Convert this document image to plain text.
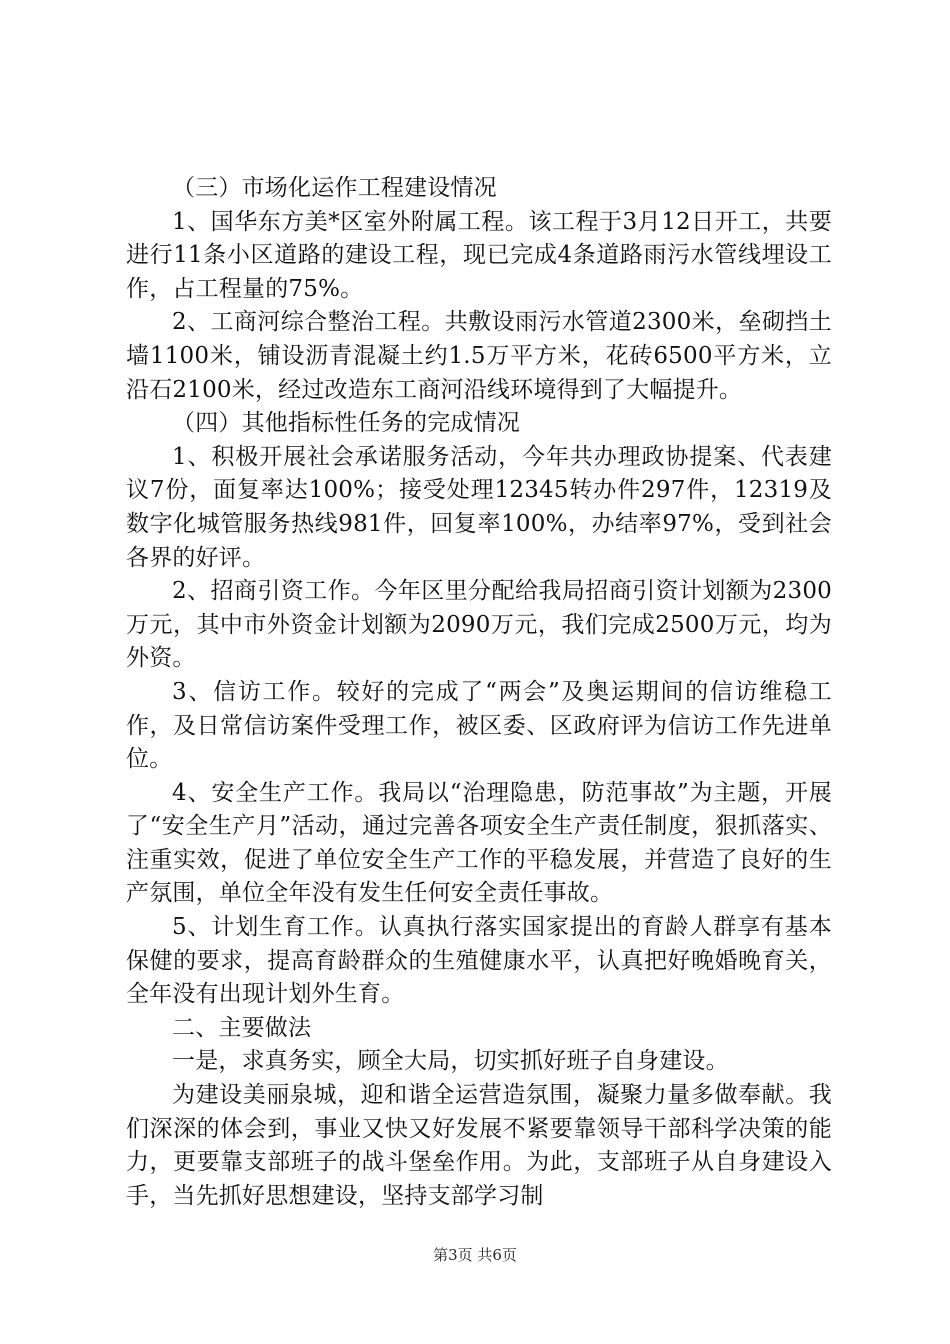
（三）市场化运作工程建设情况

1、国华东方美*区室外附属工程。该工程于3月12日开工，共要进行11条小区道路的建设工程，现已完成4条道路雨污水管线埋设工作，占工程量的75%。

2、工商河综合整治工程。共敷设雨污水管道2300米，垒砌挡土墙1100米，铺设沥青混凝土约1.5万平方米，花砖6500平方米，立沿石2100米，经过改造东工商河沿线环境得到了大幅提升。

（四）其他指标性任务的完成情况

1、积极开展社会承诺服务活动，今年共办理政协提案、代表建议7份，面复率达100%；接受处理12345转办件297件，12319及数字化城管服务热线981件，回复率100%，办结率97%，受到社会各界的好评。

2、招商引资工作。今年区里分配给我局招商引资计划额为2300万元，其中市外资金计划额为2090万元，我们完成2500万元，均为外资。

3、信访工作。较好的完成了“两会”及奥运期间的信访维稳工作，及日常信访案件受理工作，被区委、区政府评为信访工作先进单位。

4、安全生产工作。我局以“治理隐患，防范事故”为主题，开展了“安全生产月”活动，通过完善各项安全生产责任制度，狠抓落实、注重实效，促进了单位安全生产工作的平稳发展，并营造了良好的生产氛围，单位全年没有发生任何安全责任事故。

5、计划生育工作。认真执行落实国家提出的育龄人群享有基本保健的要求，提高育龄群众的生殖健康水平，认真把好晚婚晚育关，全年没有出现计划外生育。

二、主要做法

一是，求真务实，顾全大局，切实抓好班子自身建设。

为建设美丽泉城，迎和谐全运营造氛围，凝聚力量多做奉献。我们深深的体会到，事业又快又好发展不紧要靠领导干部科学决策的能力，更要靠支部班子的战斗堡垒作用。为此，支部班子从自身建设入手，当先抓好思想建设，坚持支部学习制

第3页 共6页
